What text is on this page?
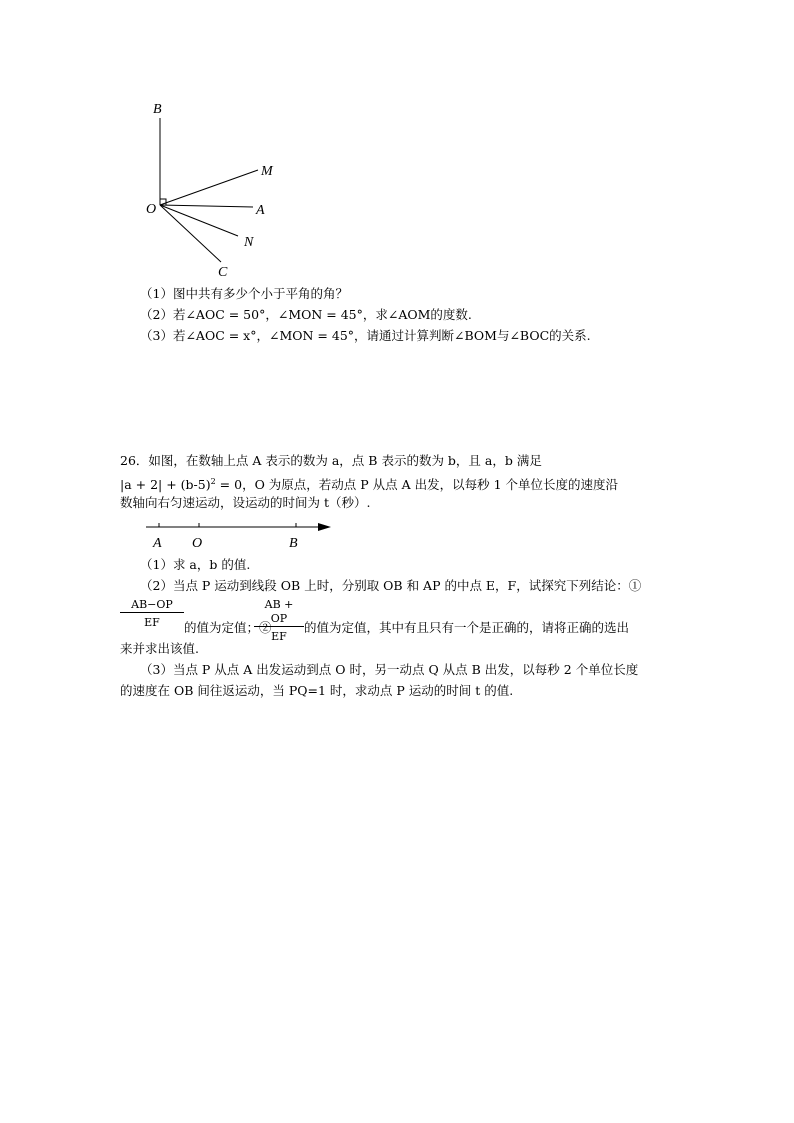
B
M
O	A
N
C
（1）图中共有多少个小于平角的角？
（2）若∠AOC = 50°，∠MON = 45°，求∠AOM的度数.
（3）若∠AOC = x°，∠MON = 45°，请通过计算判断∠BOM与∠BOC的关系.
26．如图，在数轴上点 A 表示的数为 a，点 B 表示的数为 b，且 a，b 满足
$|a + 2| + (b-5)^2 = 0$，O 为原点，若动点 P 从点 A 出发，以每秒 1 个单位长度的速度沿
数轴向右匀速运动，设运动的时间为 t（秒）.
A O	B
（1）求 a，b 的值.
（2）当点 P 运动到线段 OB 上时，分别取 OB 和 AP 的中点 E，F，试探究下列结论：①
$\frac{AB-OP}{EF}$ 的值为定值；②
$\frac{AB + OP}{EF}$ 的值为定值，其中有且只有一个是正确的，请将正确的选出
来并求出该值.
（3）当点 P 从点 A 出发运动到点 O 时，另一动点 Q 从点 B 出发，以每秒 2 个单位长度
的速度在 OB 间往返运动，当 PQ=1 时，求动点 P 运动的时间 t 的值.
